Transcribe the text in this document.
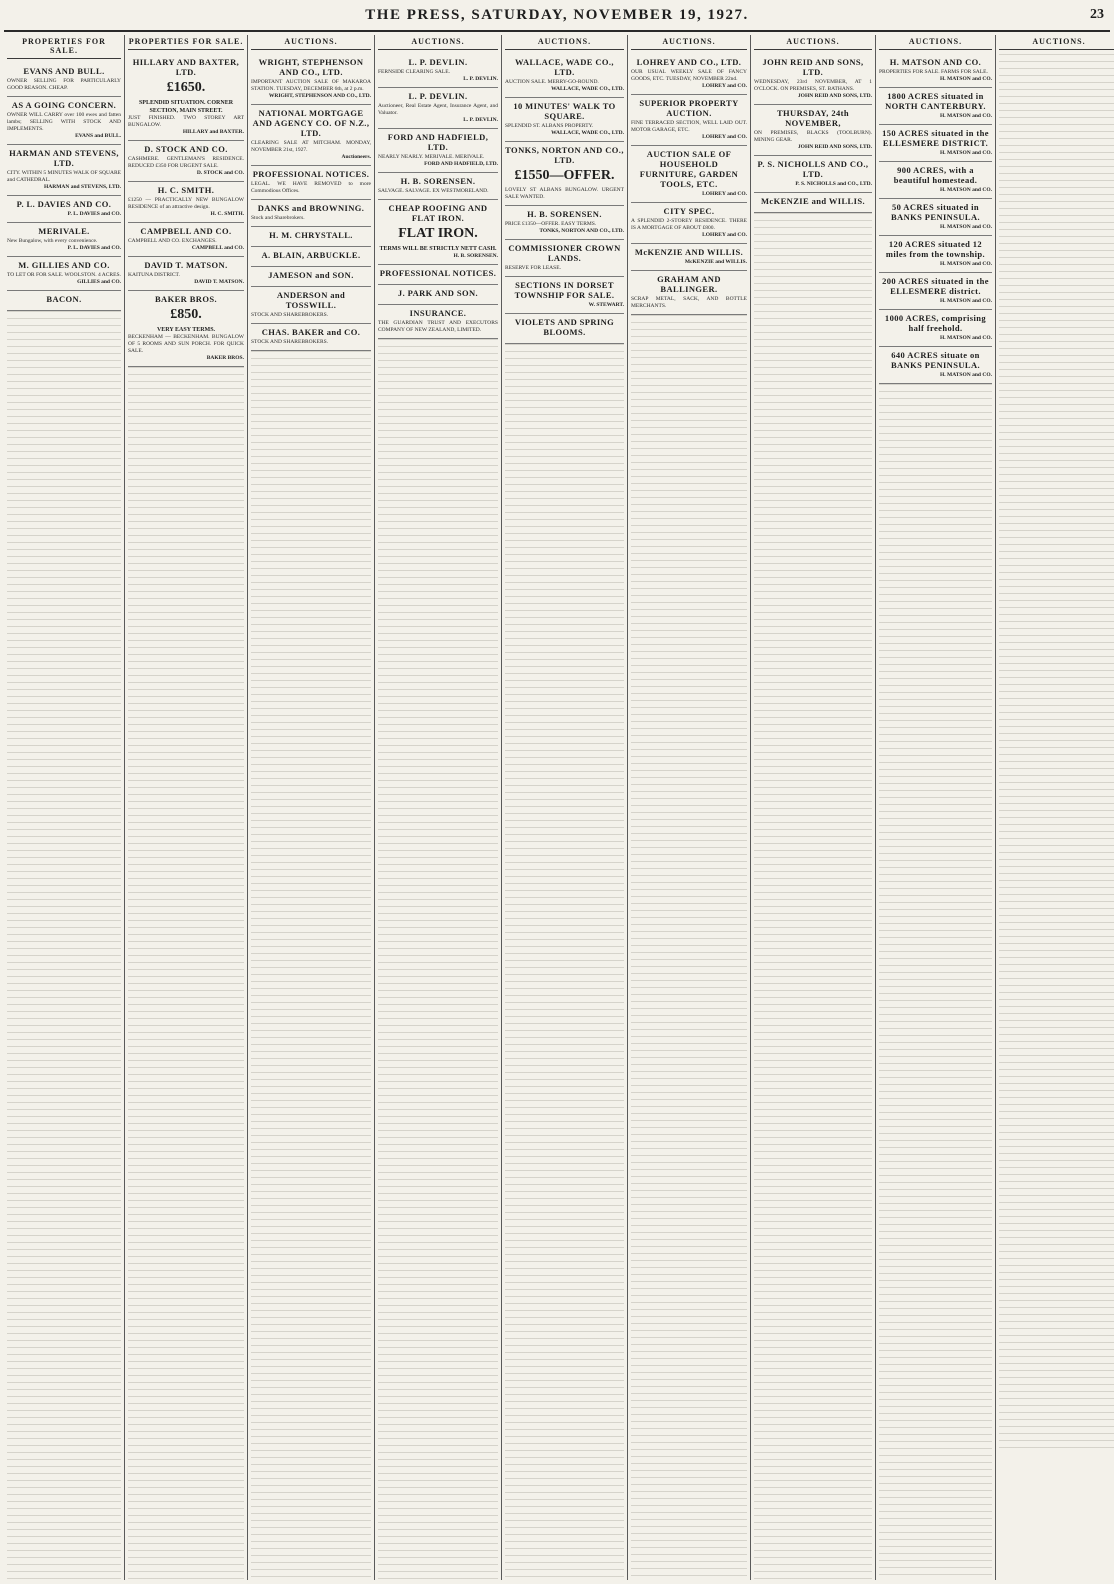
THE PRESS, SATURDAY, NOVEMBER 19, 1927.	23
PROPERTIES FOR SALE.
EVANS AND BULL.
OWNER SELLING FOR PARTICULARLY GOOD REASON. CHEAP.
AS A GOING CONCERN.
OWNER WILL CARRY over 100 ewes and fatten lambs; SELLING WITH STOCK AND IMPLEMENTS.
EVANS and BULL.
HARMAN AND STEVENS, LTD.
CITY. WITHIN 5 MINUTES WALK OF SQUARE and CATHEDRAL.
HARMAN and STEVENS, LTD.
P. L. DAVIES AND CO.
P. L. DAVIES and CO.
MERIVALE.
New Bungalow, with every convenience.
P. L. DAVIES and CO.
M. GILLIES AND CO.
TO LET OR FOR SALE. WOOLSTON. 4 ACRES.
GILLIES and CO.
BACON.
PROPERTIES FOR SALE.
HILLARY AND BAXTER, LTD.
£1650.
SPLENDID SITUATION. CORNER SECTION, MAIN STREET.
JUST FINISHED. TWO STOREY ART BUNGALOW.
HILLARY and BAXTER.
D. STOCK AND CO.
CASHMERE. GENTLEMAN'S RESIDENCE. REDUCED £350 FOR URGENT SALE.
D. STOCK and CO.
H. C. SMITH.
£1250 — PRACTICALLY NEW BUNGALOW RESIDENCE of an attractive design.
H. C. SMITH.
CAMPBELL AND CO.
CAMPBELL AND CO. EXCHANGES.
CAMPBELL and CO.
DAVID T. MATSON.
KAITUNA DISTRICT.
DAVID T. MATSON.
BAKER BROS.
£850.
VERY EASY TERMS.
BECKENHAM — BECKENHAM. BUNGALOW OF 5 ROOMS AND SUN PORCH. FOR QUICK SALE.
BAKER BROS.
AUCTIONS.
WRIGHT, STEPHENSON AND CO., LTD.
IMPORTANT AUCTION SALE OF MAKAROA STATION. TUESDAY, DECEMBER 6th, at 2 p.m.
WRIGHT, STEPHENSON AND CO., LTD.
NATIONAL MORTGAGE AND AGENCY CO. OF N.Z., LTD.
CLEARING SALE AT MITCHAM. MONDAY, NOVEMBER 21st, 1927.
Auctioneers.
PROFESSIONAL NOTICES.
LEGAL. WE HAVE REMOVED to more Commodious Offices.
DANKS and BROWNING.
Stock and Sharebrokers.
H. M. CHRYSTALL.
A. BLAIN, ARBUCKLE.
JAMESON and SON.
ANDERSON and TOSSWILL.
STOCK AND SHAREBROKERS.
CHAS. BAKER and CO.
STOCK AND SHAREBROKERS.
AUCTIONS.
L. P. DEVLIN.
FERNSIDE CLEARING SALE.
L. P. DEVLIN.
L. P. DEVLIN.
Auctioneer, Real Estate Agent, Insurance Agent, and Valuator.
L. P. DEVLIN.
FORD AND HADFIELD, LTD.
NEARLY NEARLY. MERIVALE. MERIVALE.
FORD AND HADFIELD, LTD.
H. B. SORENSEN.
SALVAGE. SALVAGE. EX WESTMORELAND.
CHEAP ROOFING AND FLAT IRON.
FLAT IRON.
TERMS WILL BE STRICTLY NETT CASH.
H. B. SORENSEN.
PROFESSIONAL NOTICES.
J. PARK AND SON.
INSURANCE.
THE GUARDIAN TRUST AND EXECUTORS COMPANY OF NEW ZEALAND, LIMITED.
AUCTIONS.
WALLACE, WADE CO., LTD.
AUCTION SALE. MERRY-GO-ROUND.
WALLACE, WADE CO., LTD.
10 MINUTES' WALK TO SQUARE.
SPLENDID ST. ALBANS PROPERTY.
WALLACE, WADE CO., LTD.
TONKS, NORTON AND CO., LTD.
£1550—OFFER.
LOVELY ST ALBANS BUNGALOW. URGENT SALE WANTED.
H. B. SORENSEN.
PRICE £1350—OFFER. EASY TERMS.
TONKS, NORTON AND CO., LTD.
COMMISSIONER CROWN LANDS.
RESERVE FOR LEASE.
SECTIONS IN DORSET TOWNSHIP FOR SALE.
W. STEWART.
VIOLETS AND SPRING BLOOMS.
AUCTIONS.
LOHREY AND CO., LTD.
OUR USUAL WEEKLY SALE OF FANCY GOODS, ETC. TUESDAY, NOVEMBER 22nd.
LOHREY and CO.
SUPERIOR PROPERTY AUCTION.
FINE TERRACED SECTION, WELL LAID OUT. MOTOR GARAGE, ETC.
LOHREY and CO.
AUCTION SALE OF HOUSEHOLD FURNITURE, GARDEN TOOLS, ETC.
LOHREY and CO.
CITY SPEC.
A SPLENDID 2-STOREY RESIDENCE. THERE IS A MORTGAGE OF ABOUT £800.
LOHREY and CO.
McKENZIE AND WILLIS.
McKENZIE and WILLIS.
GRAHAM AND BALLINGER.
SCRAP METAL, SACK, AND BOTTLE MERCHANTS.
AUCTIONS.
JOHN REID AND SONS, LTD.
WEDNESDAY, 23rd NOVEMBER, AT 1 O'CLOCK. ON PREMISES, ST. BATHANS.
JOHN REID AND SONS, LTD.
THURSDAY, 24th NOVEMBER,
ON PREMISES, BLACKS (TOOLBURN). MINING GEAR.
JOHN REID AND SONS, LTD.
P. S. NICHOLLS AND CO., LTD.
P. S. NICHOLLS and CO., LTD.
McKENZIE and WILLIS.
AUCTIONS.
H. MATSON AND CO.
PROPERTIES FOR SALE. FARMS FOR SALE.
H. MATSON and CO.
1800 ACRES situated in NORTH CANTERBURY.
H. MATSON and CO.
150 ACRES situated in the ELLESMERE DISTRICT.
H. MATSON and CO.
900 ACRES, with a beautiful homestead.
H. MATSON and CO.
50 ACRES situated in BANKS PENINSULA.
H. MATSON and CO.
120 ACRES situated 12 miles from the township.
H. MATSON and CO.
200 ACRES situated in the ELLESMERE district.
H. MATSON and CO.
1000 ACRES, comprising half freehold.
H. MATSON and CO.
640 ACRES situate on BANKS PENINSULA.
H. MATSON and CO.
AUCTIONS.
